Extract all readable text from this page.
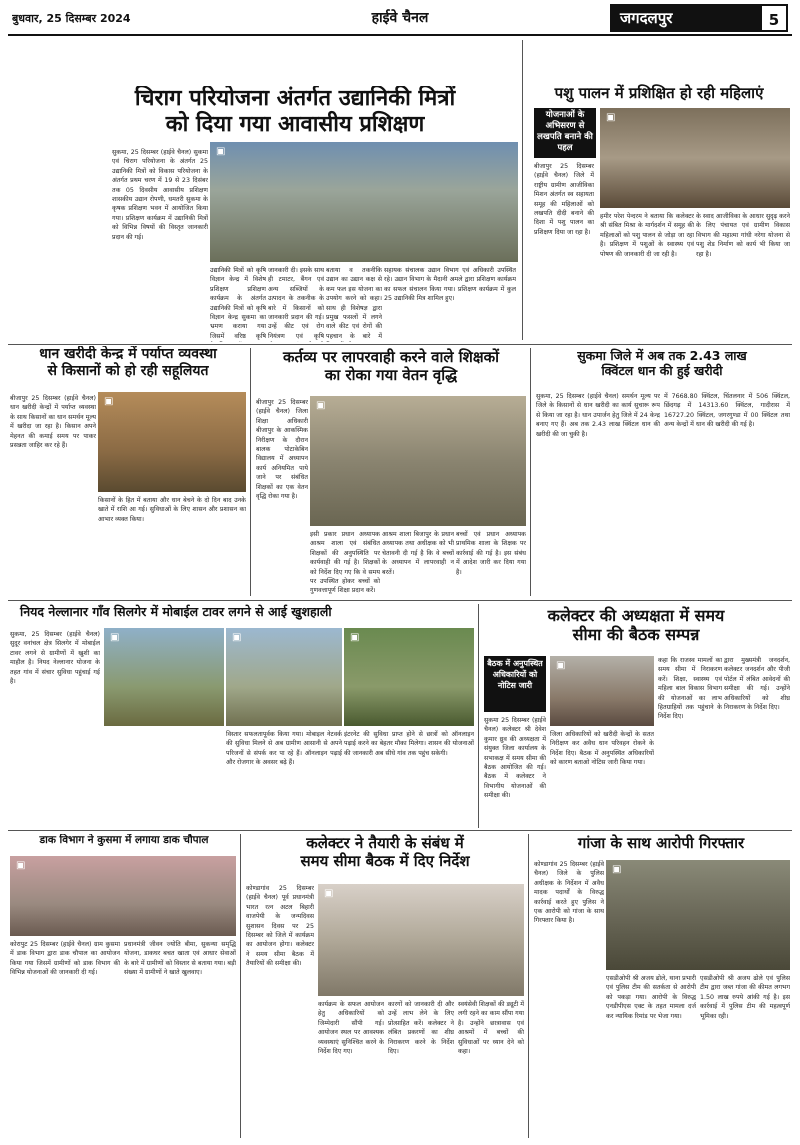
बुधवार, 25 दिसम्बर 2024	हाईवे चैनल	जगदलपुर	5
चिराग परियोजना अंतर्गत उद्यानिकी मित्रों
को दिया गया आवासीय प्रशिक्षण
सुकमा, 25 दिसम्बर (हाईवे चैनल) सुकमा एवं चिराग परियोजना के अंतर्गत 25 उद्यानिकी मित्रों को विकास परियोजना के अंतर्गत प्रथम चरण में 19 से 23 दिसंबर तक 05 दिवसीय आवासीय प्रशिक्षण शासकीय उद्यान रोपणी, धमतरी सुकमा के कृषक प्रशिक्षण भवन में आयोजित किया गया। प्रशिक्षण कार्यक्रम में उद्यानिकी मित्रों को विभिन्न विषयों की विस्तृत जानकारी प्रदान की गई।
▣
उद्यानिकी मित्रों को कृषि विज्ञान केन्द्र में विशेष प्रशिक्षण प्रशिक्षण कार्यक्रम के अंतर्गत उद्यानिकी मित्रों को कृषि विज्ञान केन्द्र सुकमा का भ्रमण कराया गया जिसमें वरिष्ठ कृषि
जानकारी दी। इसके साथ ही टमाटर, बैंगन एवं अन्य सब्जियों के उत्पादन के तकनीक के बारे में किसानों को जानकारी प्रदान की गई। उन्हें कीट एवं रोग नियंत्रण एवं कृषि
बताया व तकनीकि उद्यान का उद्यान कक्ष से कम फल इस योजना का उपयोग करने को कहा। साथ ही विशेषज्ञ द्वारा प्रमुख फसलों में लगने वाले कीट एवं रोगों की पहचान के बारे में
सहायक संचालक उद्यान विभाग एवं अधिकारी उपस्थित रहे। उद्यान विभाग के मैदानी अमले द्वारा प्रशिक्षण कार्यक्रम का सफल संचालन किया गया। प्रशिक्षण कार्यक्रम में कुल 25 उद्यानिकी मित्र शामिल हुए।
पशु पालन में प्रशिक्षित हो रही महिलाएं
योजनाओं के अभिसरण से लखपति बनाने की पहल
बीजापुर 25 दिसम्बर (हाईवे चैनल) जिले में राष्ट्रीय ग्रामीण आजीविका मिशन अंतर्गत स्व सहायता समूह की महिलाओं को लखपति दीदी बनाने की दिशा में पशु पालन का प्रशिक्षण दिया जा रहा है।
▣
हमीर परेश पेन्दरम ने बताया कि कलेक्टर श्री संबित मिश्रा के मार्गदर्शन में समूह की महिलाओं को पशु पालन से जोड़ा जा रहा है। प्रशिक्षण में पशुओं के स्वास्थ्य एवं पोषण की जानकारी दी जा रही है।
के स्वाद आजीविका के आधार सुदृढ़ करने के लिए पंचायत एवं ग्रामीण विकास विभाग की महात्मा गांधी नरेगा योजना से पशु शेड निर्माण को कार्य भी किया जा रहा है।
धान खरीदी केन्द्र में पर्याप्त व्यवस्था
से किसानों को हो रही सहूलियत
बीजापुर 25 दिसम्बर (हाईवे चैनल) धान खरीदी केन्द्रों में पर्याप्त व्यवस्था के साथ किसानों का धान समर्थन मूल्य में खरीदा जा रहा है। किसान अपने मेहनत की कमाई समय पर पाकर प्रसन्नता जाहिर कर रहे हैं।
▣
किसानों के हित में बताया और धान बेचने के दो दिन बाद उनके खाते में राशि आ गई। सुविधाओं के लिए शासन और प्रशासन का आभार व्यक्त किया।
कर्तव्य पर लापरवाही करने वाले शिक्षकों
का रोका गया वेतन वृद्धि
बीजापुर 25 दिसम्बर (हाईवे चैनल) जिला शिक्षा अधिकारी बीजापुर के आकस्मिक निरीक्षण के दौरान बालक पोटाकेबिन विद्यालय में अध्यापन कार्य अनियमित पाये जाने पर संबंधित शिक्षकों का एक वेतन वृद्धि रोका गया है।
▣
इसी प्रकार प्रधान अध्यापक आश्रम शाला एवं संबंधित शिक्षकों की अनुपस्थिति पर कार्यवाही की गई है। शिक्षकों को निर्देश दिए गए कि वे समय पर उपस्थित होकर बच्चों को गुणवत्तापूर्ण शिक्षा प्रदान करें।
आश्रम शाला बिजापुर के प्रधान अध्यापक तथा अधीक्षक को भी चेतावनी दी गई है कि वे बच्चों के अध्यापन में लापरवाही न बरतें।
बच्चों एवं प्रधान अध्यापक प्राथमिक शाला के शिक्षक पर कार्रवाई की गई है। इस संबंध में आदेश जारी कर दिया गया है।
सुकमा जिले में अब तक 2.43 लाख
क्विंटल धान की हुई खरीदी
सुकमा, 25 दिसम्बर (हाईवे चैनल) समर्थन मूल्य पर जिले के किसानों से धान खरीदी का कार्य सुचारू रूप से किया जा रहा है। धान उपार्जन हेतु जिले में 24 केन्द्र बनाए गए हैं। अब तक 2.43 लाख क्विंटल धान की खरीदी की जा चुकी है।
में 7668.80 क्विंटल, चिंतलनार में 506 क्विंटल, छिंदगढ़ में 14313.60 क्विंटल, गादीरास में 16727.20 क्विंटल, जगरगुण्डा में 00 क्विंटल तथा अन्य केन्द्रों में धान की खरीदी की गई है।
नियद नेल्लानार गाँव सिलगेर में मोबाईल टावर लगने से आई खुशहाली
सुकमा, 25 दिसम्बर (हाईवे चैनल) सुदूर वनांचल क्षेत्र सिलगेर में मोबाईल टावर लगने से ग्रामीणों में खुशी का माहौल है। नियद नेल्लानार योजना के तहत गांव में संचार सुविधा पहुंचाई गई है।
▣	▣	▣
विस्तार सफलतापूर्वक किया गया। मोबाइल नेटवर्क की सुविधा मिलने से अब ग्रामीण आसानी से अपने परिजनों से संपर्क कर पा रहे हैं। ऑनलाइन पढ़ाई और रोजगार के अवसर बढ़े हैं।
इंटरनेट की सुविधा प्राप्त होने से छात्रों को ऑनलाइन पढ़ाई करने का बेहतर मौका मिलेगा। शासन की योजनाओं की जानकारी अब सीधे गांव तक पहुंच सकेगी।
कलेक्टर की अध्यक्षता में समय
सीमा की बैठक सम्पन्न
बैठक में अनुपस्थित अधिकारियों को नोटिस जारी
सुकमा 25 दिसम्बर (हाईवे चैनल) कलेक्टर श्री देवेश कुमार ध्रुव की अध्यक्षता में संयुक्त जिला कार्यालय के सभाकक्ष में समय सीमा की बैठक आयोजित की गई। बैठक में कलेक्टर ने विभागीय योजनाओं की समीक्षा की।
▣
जिला अधिकारियों को खरीदी केन्द्रों के सतत निरीक्षण कर अवैध धान परिवहन रोकने के निर्देश दिए। बैठक में अनुपस्थित अधिकारियों को कारण बताओ नोटिस जारी किया गया।
कहा कि राजस्व मामलों का समय सीमा में निराकरण करें। शिक्षा, स्वास्थ्य एवं महिला बाल विकास विभाग की योजनाओं का लाभ हितग्राहियों तक पहुंचाने के निर्देश दिए।
द्वारा मुख्यमंत्री जनदर्शन, कलेक्टर जनदर्शन और पीजी पोर्टल में लंबित आवेदनों की समीक्षा की गई। उन्होंने अधिकारियों को शीघ्र निराकरण के निर्देश दिए।
डाक विभाग ने कुसमा में लगाया डाक चौपाल
▣
कोरापुट 25 दिसम्बर (हाईवे चैनल) ग्राम कुसमा में डाक विभाग द्वारा डाक चौपाल का आयोजन किया गया जिसमें ग्रामीणों को डाक विभाग की विभिन्न योजनाओं की जानकारी दी गई।
प्रधानमंत्री जीवन ज्योति बीमा, सुकन्या समृद्धि योजना, डाकघर बचत खाता एवं आधार सेवाओं के बारे में ग्रामीणों को विस्तार से बताया गया। बड़ी संख्या में ग्रामीणों ने खाते खुलवाए।
कलेक्टर ने तैयारी के संबंध में
समय सीमा बैठक में दिए निर्देश
कोण्डागांव 25 दिसम्बर (हाईवे चैनल) पूर्व प्रधानमंत्री भारत रत्न अटल बिहारी वाजपेयी के जन्मदिवस सुशासन दिवस पर 25 दिसम्बर को जिले में कार्यक्रम का आयोजन होगा। कलेक्टर ने समय सीमा बैठक में तैयारियों की समीक्षा की।
▣
कार्यक्रम के सफल आयोजन हेतु अधिकारियों को जिम्मेदारी सौंपी गई। आयोजन स्थल पर आवश्यक व्यवस्थाएं सुनिश्चित करने के निर्देश दिए गए।
कारगों को जानकारी दी और उन्हें लाभ लेने के लिए प्रोत्साहित करें। कलेक्टर ने लंबित प्रकरणों का शीघ्र निराकरण करने के निर्देश दिए।
स्वयंसेवी शिक्षकों की ड्यूटी में लगी रहने का काम सौंपा गया है। उन्होंने छात्रावास एवं आश्रमों में बच्चों की सुविधाओं पर ध्यान देने को कहा।
गांजा के साथ आरोपी गिरफ्तार
कोण्डागांव 25 दिसम्बर (हाईवे चैनल) जिले के पुलिस अधीक्षक के निर्देशन में अवैध मादक पदार्थों के विरुद्ध कार्रवाई करते हुए पुलिस ने एक आरोपी को गांजा के साथ गिरफ्तार किया है।
▣
एसडीओपी श्री अजय ढोले, थाना प्रभारी एवं पुलिस टीम की सतर्कता से आरोपी को पकड़ा गया। आरोपी के विरुद्ध एनडीपीएस एक्ट के तहत मामला दर्ज कर न्यायिक रिमांड पर भेजा गया।
एसडीओपी श्री अजय ढोले एवं पुलिस टीम द्वारा जब्त गांजा की कीमत लगभग 1.50 लाख रुपये आंकी गई है। इस कार्रवाई में पुलिस टीम की महत्वपूर्ण भूमिका रही।
